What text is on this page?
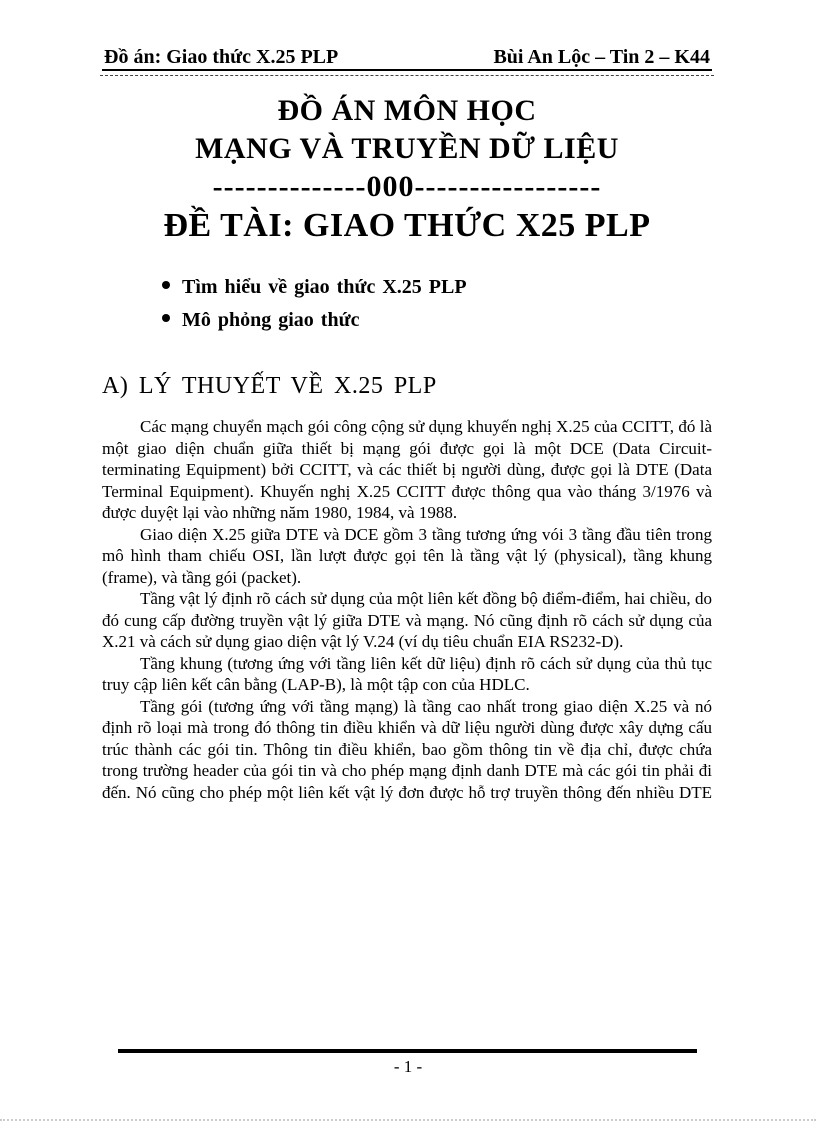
Đồ án: Giao thức X.25 PLP	Bùi An Lộc – Tin 2 – K44
ĐỒ ÁN MÔN HỌC
MẠNG VÀ TRUYỀN DỮ LIỆU
--------------000-----------------
ĐỀ TÀI: GIAO THỨC X25 PLP
Tìm hiểu về giao thức X.25 PLP
Mô phỏng giao thức
A) LÝ THUYẾT VỀ X.25 PLP

Các mạng chuyển mạch gói công cộng sử dụng khuyến nghị X.25 của CCITT, đó là một giao diện chuẩn giữa thiết bị mạng gói được gọi là một DCE (Data Circuit-terminating Equipment) bởi CCITT, và các thiết bị người dùng, được gọi là DTE (Data Terminal Equipment). Khuyến nghị X.25 CCITT được thông qua vào tháng 3/1976 và được duyệt lại vào những năm 1980, 1984, và 1988.

Giao diện X.25 giữa DTE và DCE gồm 3 tầng tương ứng vói 3 tầng đầu tiên trong mô hình tham chiếu OSI, lần lượt được gọi tên là tầng vật lý (physical), tầng khung (frame), và tầng gói (packet).

Tầng vật lý định rõ cách sử dụng của một liên kết đồng bộ điểm-điểm, hai chiều, do đó cung cấp đường truyền vật lý giữa DTE và mạng. Nó cũng định rõ cách sử dụng của X.21 và cách sử dụng giao diện vật lý V.24 (ví dụ tiêu chuẩn EIA RS232-D).

Tầng khung (tương ứng với tầng liên kết dữ liệu) định rõ cách sử dụng của thủ tục truy cập liên kết cân bằng (LAP-B), là một tập con của HDLC.

Tầng gói (tương ứng với tầng mạng) là tầng cao nhất trong giao diện X.25 và nó định rõ loại mà trong đó thông tin điều khiển và dữ liệu người dùng được xây dựng cấu trúc thành các gói tin. Thông tin điều khiển, bao gồm thông tin về địa chỉ, được chứa trong trường header của gói tin và cho phép mạng định danh DTE mà các gói tin phải đi đến. Nó cũng cho phép một liên kết vật lý đơn được hỗ trợ truyền thông đến nhiều DTE

- 1 -
